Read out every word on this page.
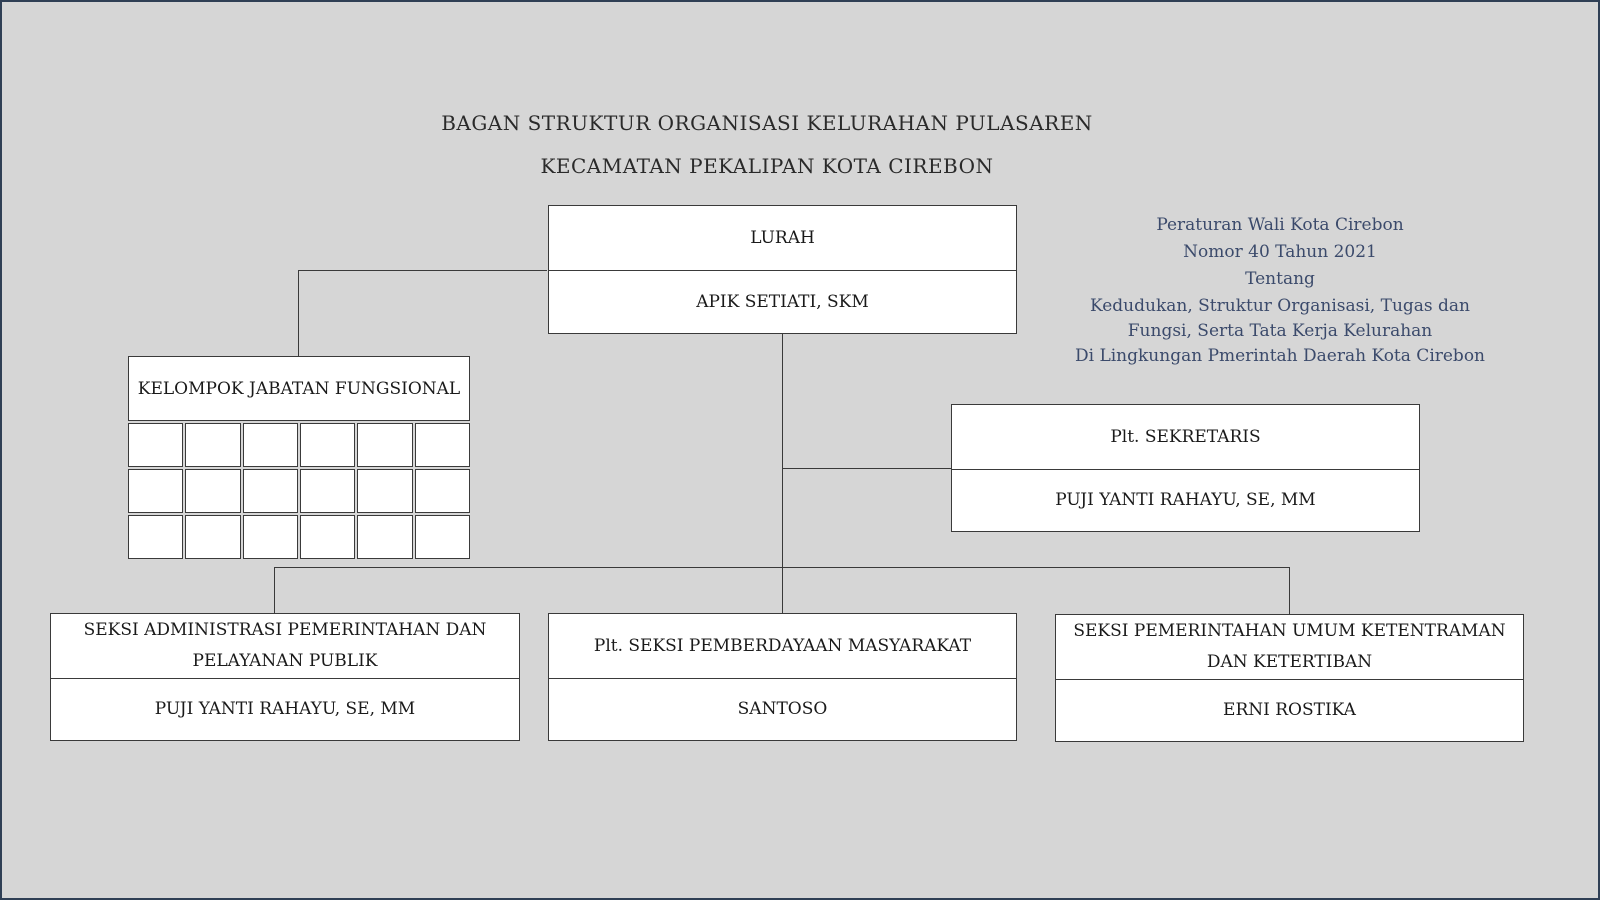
BAGAN STRUKTUR ORGANISASI KELURAHAN PULASAREN
KECAMATAN PEKALIPAN KOTA CIREBON
Peraturan Wali Kota Cirebon
Nomor 40 Tahun 2021
Tentang
Kedudukan, Struktur Organisasi, Tugas dan
Fungsi, Serta Tata Kerja Kelurahan
Di Lingkungan Pmerintah Daerah Kota Cirebon
LURAH
APIK SETIATI, SKM
KELOMPOK JABATAN FUNGSIONAL
Plt. SEKRETARIS
PUJI YANTI RAHAYU, SE, MM
SEKSI ADMINISTRASI PEMERINTAHAN DAN
PELAYANAN PUBLIK
PUJI YANTI RAHAYU, SE, MM
Plt. SEKSI PEMBERDAYAAN MASYARAKAT
SANTOSO
SEKSI PEMERINTAHAN UMUM KETENTRAMAN
DAN KETERTIBAN
ERNI ROSTIKA
